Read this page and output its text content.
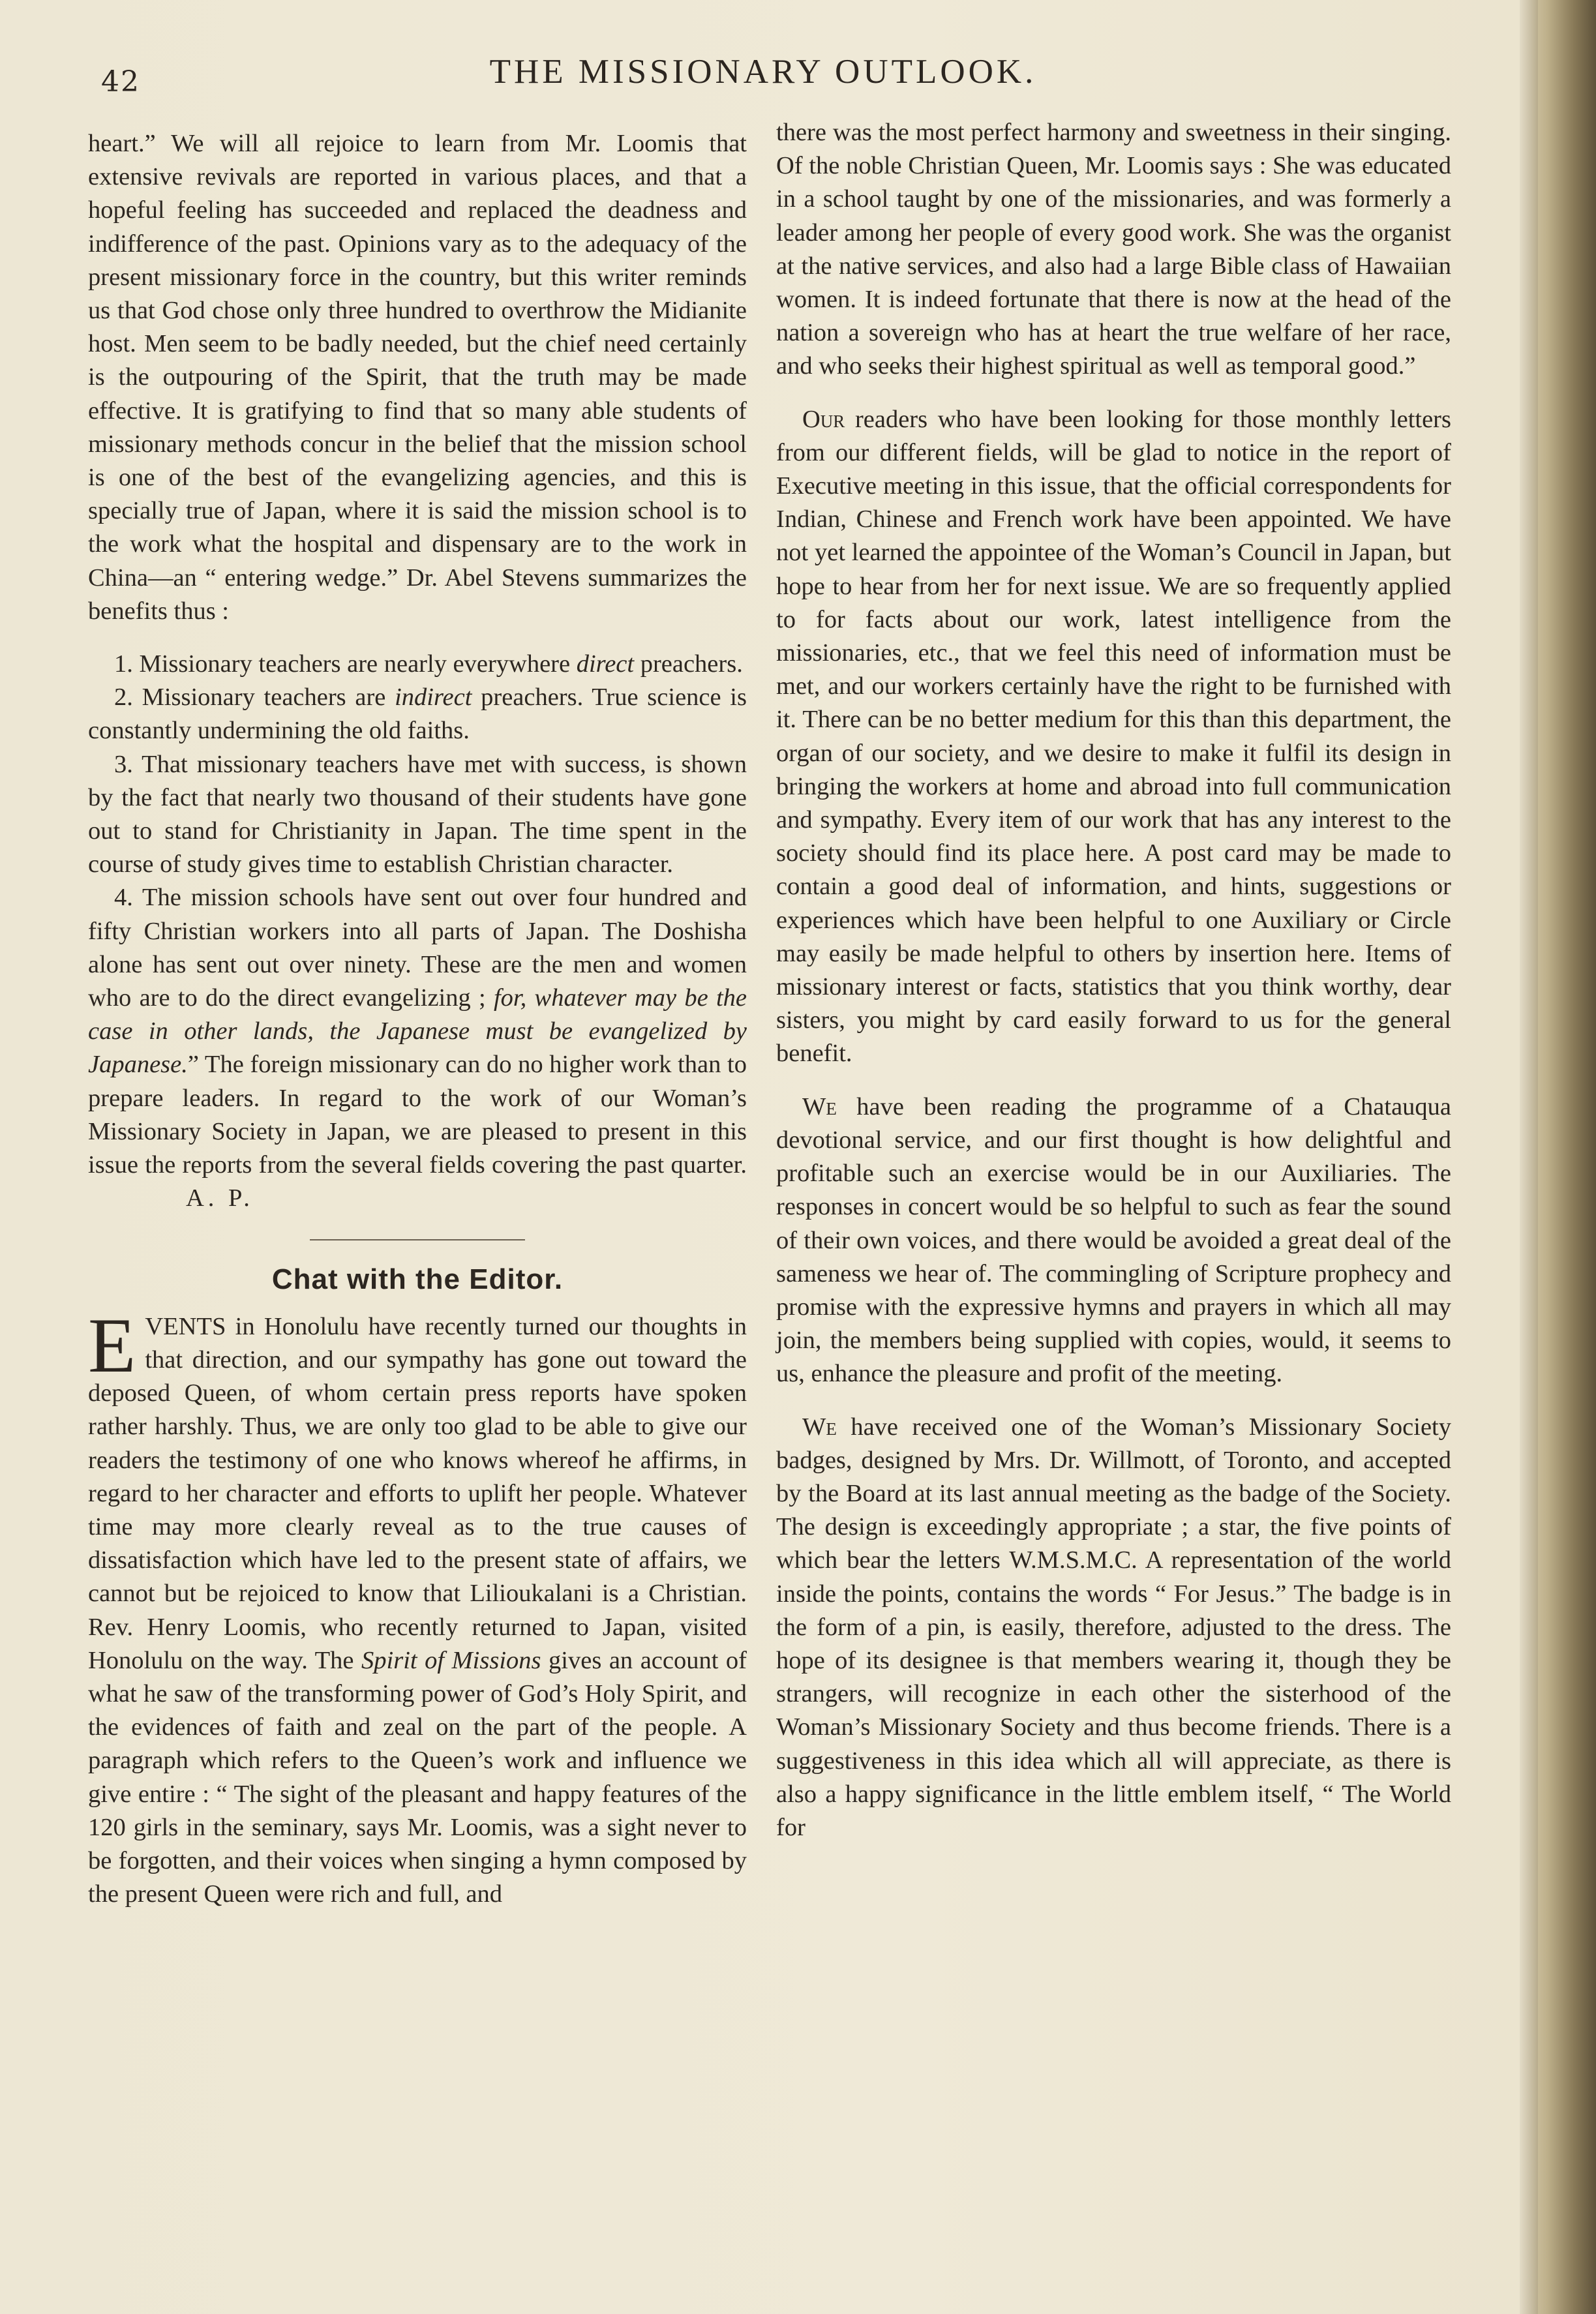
42	THE MISSIONARY OUTLOOK.

heart.” We will all rejoice to learn from Mr. Loomis that extensive revivals are reported in various places, and that a hopeful feeling has succeeded and replaced the deadness and indifference of the past. Opinions vary as to the adequacy of the present missionary force in the country, but this writer reminds us that God chose only three hundred to overthrow the Midianite host. Men seem to be badly needed, but the chief need certainly is the outpouring of the Spirit, that the truth may be made effective. It is gratifying to find that so many able students of missionary methods concur in the belief that the mission school is one of the best of the evangelizing agencies, and this is specially true of Japan, where it is said the mission school is to the work what the hospital and dispensary are to the work in China—an “ entering wedge.” Dr. Abel Stevens summarizes the benefits thus :

1. Missionary teachers are nearly everywhere direct preachers.

2. Missionary teachers are indirect preachers. True science is constantly undermining the old faiths.

3. That missionary teachers have met with success, is shown by the fact that nearly two thousand of their students have gone out to stand for Christianity in Japan. The time spent in the course of study gives time to establish Christian character.

4. The mission schools have sent out over four hundred and fifty Christian workers into all parts of Japan. The Doshisha alone has sent out over ninety. These are the men and women who are to do the direct evangelizing ; for, whatever may be the case in other lands, the Japanese must be evangelized by Japanese.” The foreign missionary can do no higher work than to prepare leaders. In regard to the work of our Woman’s Missionary Society in Japan, we are pleased to present in this issue the reports from the several fields covering the past quarter.A. P.

Chat with the Editor.

EVENTS in Honolulu have recently turned our thoughts in that direction, and our sympathy has gone out toward the deposed Queen, of whom certain press reports have spoken rather harshly. Thus, we are only too glad to be able to give our readers the testimony of one who knows whereof he affirms, in regard to her character and efforts to uplift her people. Whatever time may more clearly reveal as to the true causes of dissatisfaction which have led to the present state of affairs, we cannot but be rejoiced to know that Lilioukalani is a Christian. Rev. Henry Loomis, who recently returned to Japan, visited Honolulu on the way. The Spirit of Missions gives an account of what he saw of the transforming power of God’s Holy Spirit, and the evidences of faith and zeal on the part of the people. A paragraph which refers to the Queen’s work and influence we give entire : “ The sight of the pleasant and happy features of the 120 girls in the seminary, says Mr. Loomis, was a sight never to be forgotten, and their voices when singing a hymn composed by the present Queen were rich and full, and

there was the most perfect harmony and sweetness in their singing. Of the noble Christian Queen, Mr. Loomis says : She was educated in a school taught by one of the missionaries, and was formerly a leader among her people of every good work. She was the organist at the native services, and also had a large Bible class of Hawaiian women. It is indeed fortunate that there is now at the head of the nation a sovereign who has at heart the true welfare of her race, and who seeks their highest spiritual as well as temporal good.”

Our readers who have been looking for those monthly letters from our different fields, will be glad to notice in the report of Executive meeting in this issue, that the official correspondents for Indian, Chinese and French work have been appointed. We have not yet learned the appointee of the Woman’s Council in Japan, but hope to hear from her for next issue. We are so frequently applied to for facts about our work, latest intelligence from the missionaries, etc., that we feel this need of information must be met, and our workers certainly have the right to be furnished with it. There can be no better medium for this than this department, the organ of our society, and we desire to make it fulfil its design in bringing the workers at home and abroad into full communication and sympathy. Every item of our work that has any interest to the society should find its place here. A post card may be made to contain a good deal of information, and hints, suggestions or experiences which have been helpful to one Auxiliary or Circle may easily be made helpful to others by insertion here. Items of missionary interest or facts, statistics that you think worthy, dear sisters, you might by card easily forward to us for the general benefit.

We have been reading the programme of a Chatauqua devotional service, and our first thought is how delightful and profitable such an exercise would be in our Auxiliaries. The responses in concert would be so helpful to such as fear the sound of their own voices, and there would be avoided a great deal of the sameness we hear of. The commingling of Scripture prophecy and promise with the expressive hymns and prayers in which all may join, the members being supplied with copies, would, it seems to us, enhance the pleasure and profit of the meeting.

We have received one of the Woman’s Missionary Society badges, designed by Mrs. Dr. Willmott, of Toronto, and accepted by the Board at its last annual meeting as the badge of the Society. The design is exceedingly appropriate ; a star, the five points of which bear the letters W.M.S.M.C. A representation of the world inside the points, contains the words “ For Jesus.” The badge is in the form of a pin, is easily, therefore, adjusted to the dress. The hope of its designee is that members wearing it, though they be strangers, will recognize in each other the sisterhood of the Woman’s Missionary Society and thus become friends. There is a suggestiveness in this idea which all will appreciate, as there is also a happy significance in the little emblem itself, “ The World for
